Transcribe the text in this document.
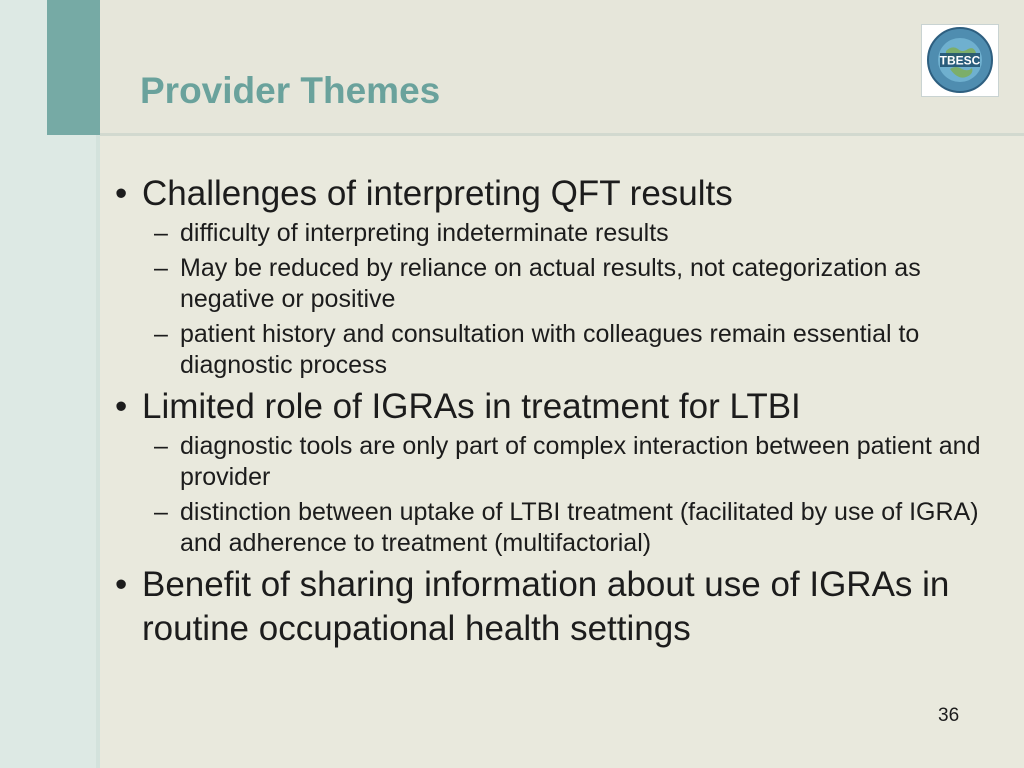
Provider Themes
TBESC
• Challenges of interpreting QFT results
– difficulty of interpreting indeterminate results
– May be reduced by reliance on actual results, not categorization as negative or positive
– patient history and consultation with colleagues remain essential to diagnostic process
• Limited role of IGRAs in treatment for LTBI
– diagnostic tools are only part of complex interaction between patient and provider
– distinction between uptake of LTBI treatment (facilitated by use of IGRA) and adherence to treatment (multifactorial)
• Benefit of sharing information about use of IGRAs in routine occupational health settings
36
